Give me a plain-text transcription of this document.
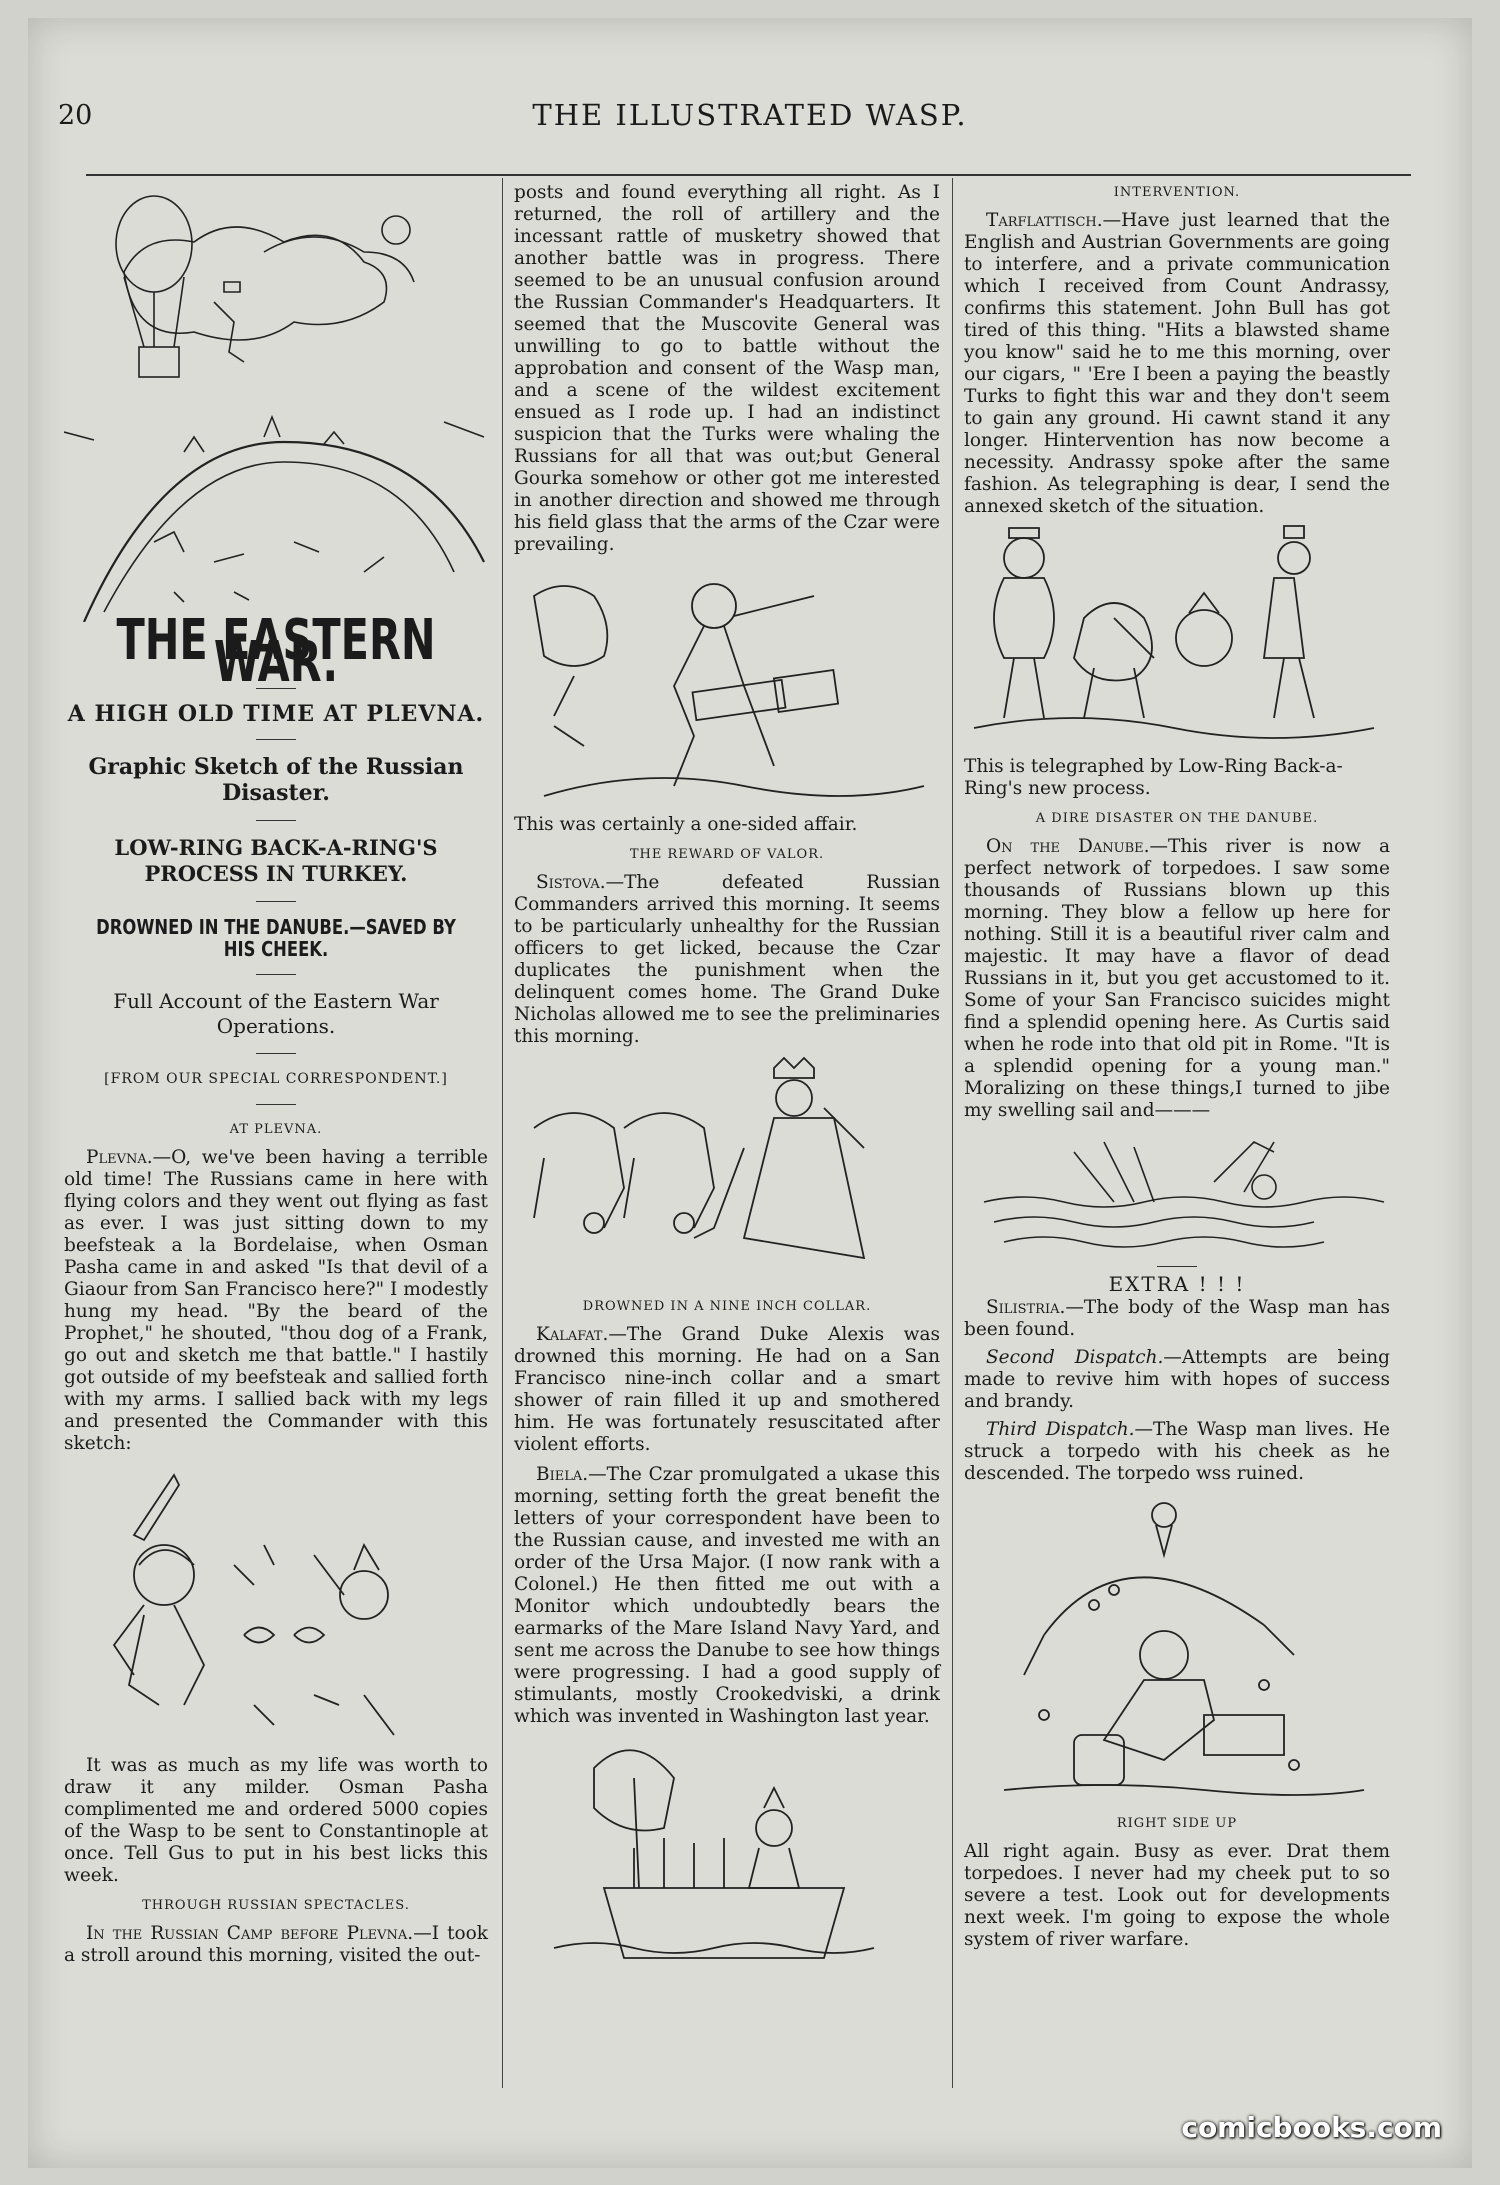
20	THE ILLUSTRATED WASP.
THE EASTERN WAR.
A HIGH OLD TIME AT PLEVNA.
Graphic Sketch of the Russian Disaster.
LOW-RING BACK-A-RING'S PROCESS IN TURKEY.
DROWNED IN THE DANUBE.—SAVED BY HIS CHEEK.
Full Account of the Eastern War Operations.
[FROM OUR SPECIAL CORRESPONDENT.]
AT PLEVNA.

Plevna.—O, we've been having a terrible old time! The Russians came in here with flying colors and they went out flying as fast as ever. I was just sitting down to my beefsteak a la Bordelaise, when Osman Pasha came in and asked "Is that devil of a Giaour from San Francisco here?" I modestly hung my head. "By the beard of the Prophet," he shouted, "thou dog of a Frank, go out and sketch me that battle." I hastily got outside of my beefsteak and sallied forth with my arms. I sallied back with my legs and presented the Commander with this sketch:

It was as much as my life was worth to draw it any milder. Osman Pasha complimented me and ordered 5000 copies of the Wasp to be sent to Constantinople at once. Tell Gus to put in his best licks this week.

THROUGH RUSSIAN SPECTACLES.

In the Russian Camp before Plevna.—I took a stroll around this morning, visited the out-

posts and found everything all right. As I returned, the roll of artillery and the incessant rattle of musketry showed that another battle was in progress. There seemed to be an unusual confusion around the Russian Commander's Headquarters. It seemed that the Muscovite General was unwilling to go to battle without the approbation and consent of the Wasp man, and a scene of the wildest excitement ensued as I rode up. I had an indistinct suspicion that the Turks were whaling the Russians for all that was out;but General Gourka somehow or other got me interested in another direction and showed me through his field glass that the arms of the Czar were prevailing.

This was certainly a one-sided affair.
THE REWARD OF VALOR.

Sistova.—The defeated Russian Commanders arrived this morning. It seems to be particularly unhealthy for the Russian officers to get licked, because the Czar duplicates the punishment when the delinquent comes home. The Grand Duke Nicholas allowed me to see the preliminaries this morning.

DROWNED IN A NINE INCH COLLAR.

Kalafat.—The Grand Duke Alexis was drowned this morning. He had on a San Francisco nine-inch collar and a smart shower of rain filled it up and smothered him. He was fortunately resuscitated after violent efforts.

Biela.—The Czar promulgated a ukase this morning, setting forth the great benefit the letters of your correspondent have been to the Russian cause, and invested me with an order of the Ursa Major. (I now rank with a Colonel.) He then fitted me out with a Monitor which undoubtedly bears the earmarks of the Mare Island Navy Yard, and sent me across the Danube to see how things were progressing. I had a good supply of stimulants, mostly Crookedviski, a drink which was invented in Washington last year.

INTERVENTION.

Tarflattisch.—Have just learned that the English and Austrian Governments are going to interfere, and a private communication which I received from Count Andrassy, confirms this statement. John Bull has got tired of this thing. "Hits a blawsted shame you know" said he to me this morning, over our cigars, " 'Ere I been a paying the beastly Turks to fight this war and they don't seem to gain any ground. Hi cawnt stand it any longer. Hintervention has now become a necessity. Andrassy spoke after the same fashion. As telegraphing is dear, I send the annexed sketch of the situation.

This is telegraphed by Low-Ring Back-a-Ring's new process.
A DIRE DISASTER ON THE DANUBE.

On the Danube.—This river is now a perfect network of torpedoes. I saw some thousands of Russians blown up this morning. They blow a fellow up here for nothing. Still it is a beautiful river calm and majestic. It may have a flavor of dead Russians in it, but you get accustomed to it. Some of your San Francisco suicides might find a splendid opening here. As Curtis said when he rode into that old pit in Rome. "It is a splendid opening for a young man." Moralizing on these things,I turned to jibe my swelling sail and———

EXTRA ! ! !

Silistria.—The body of the Wasp man has been found.

Second Dispatch.—Attempts are being made to revive him with hopes of success and brandy.

Third Dispatch.—The Wasp man lives. He struck a torpedo with his cheek as he descended. The torpedo wss ruined.

RIGHT SIDE UP

All right again. Busy as ever. Drat them torpedoes. I never had my cheek put to so severe a test. Look out for developments next week. I'm going to expose the whole system of river warfare.

comicbooks.com
